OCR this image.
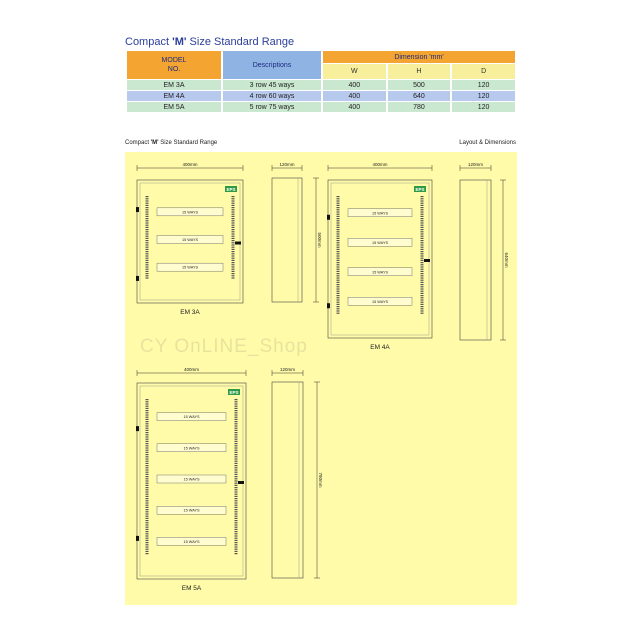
Compact 'M' Size Standard Range
MODEL
NO.	Descriptions	Dimension 'mm'		
		W	H	D
EM 3A	3 row 45 ways	400	500	120
EM 4A	4 row 60 ways	400	640	120
EM 5A	5 row 75 ways	400	780	120
Compact 'M' Size Standard Range	Layout & Dimensions
EPS
15 WAYS
15 WAYS
15 WAYS
EM 3A
400mm	120mm
500mm
EPS
15 WAYS
15 WAYS
15 WAYS
15 WAYS
EM 4A
400mm	120mm
640mm
EPS
15 WAYS
15 WAYS
15 WAYS
15 WAYS
15 WAYS
EM 5A
400mm	120mm
780mm
CY OnLINE_Shop
